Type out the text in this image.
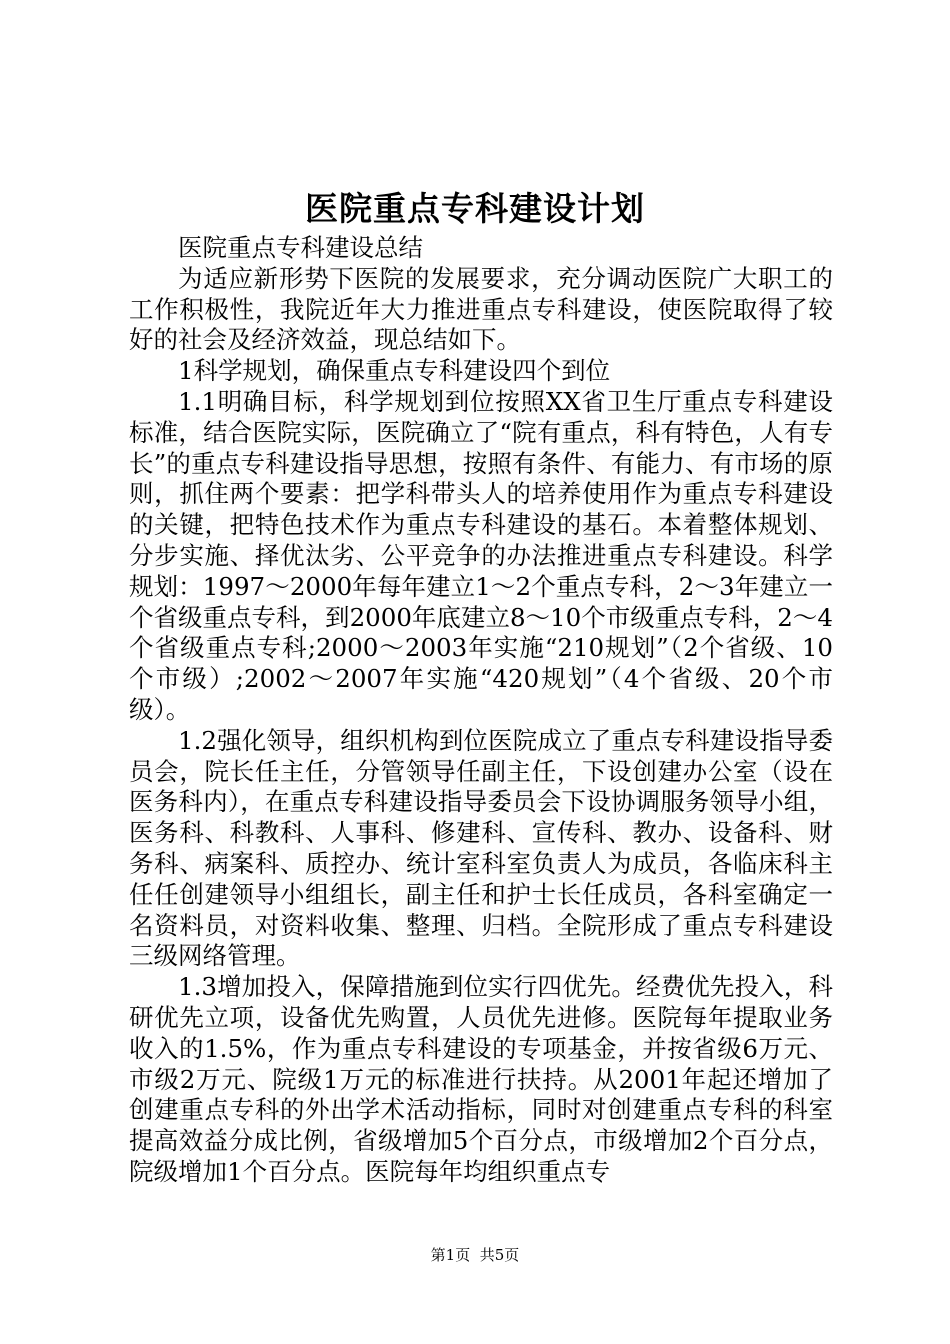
医院重点专科建设计划

医院重点专科建设总结

为适应新形势下医院的发展要求，充分调动医院广大职工的工作积极性，我院近年大力推进重点专科建设，使医院取得了较好的社会及经济效益，现总结如下。

1科学规划，确保重点专科建设四个到位

1.1明确目标，科学规划到位按照XX省卫生厅重点专科建设标准，结合医院实际，医院确立了“院有重点，科有特色，人有专长”的重点专科建设指导思想，按照有条件、有能力、有市场的原则，抓住两个要素：把学科带头人的培养使用作为重点专科建设的关键，把特色技术作为重点专科建设的基石。本着整体规划、分步实施、择优汰劣、公平竞争的办法推进重点专科建设。科学规划：1997～2000年每年建立1～2个重点专科，2～3年建立一个省级重点专科，到2000年底建立8～10个市级重点专科，2～4个省级重点专科;2000～2003年实施“210规划”（2个省级、10个市级）;2002～2007年实施“420规划”（4个省级、20个市级）。

1.2强化领导，组织机构到位医院成立了重点专科建设指导委员会，院长任主任，分管领导任副主任，下设创建办公室（设在医务科内），在重点专科建设指导委员会下设协调服务领导小组，医务科、科教科、人事科、修建科、宣传科、教办、设备科、财务科、病案科、质控办、统计室科室负责人为成员，各临床科主任任创建领导小组组长，副主任和护士长任成员，各科室确定一名资料员，对资料收集、整理、归档。全院形成了重点专科建设三级网络管理。

1.3增加投入，保障措施到位实行四优先。经费优先投入，科研优先立项，设备优先购置，人员优先进修。医院每年提取业务收入的1.5%，作为重点专科建设的专项基金，并按省级6万元、市级2万元、院级1万元的标准进行扶持。从2001年起还增加了创建重点专科的外出学术活动指标，同时对创建重点专科的科室提高效益分成比例，省级增加5个百分点，市级增加2个百分点，院级增加1个百分点。医院每年均组织重点专

第1页 共5页
